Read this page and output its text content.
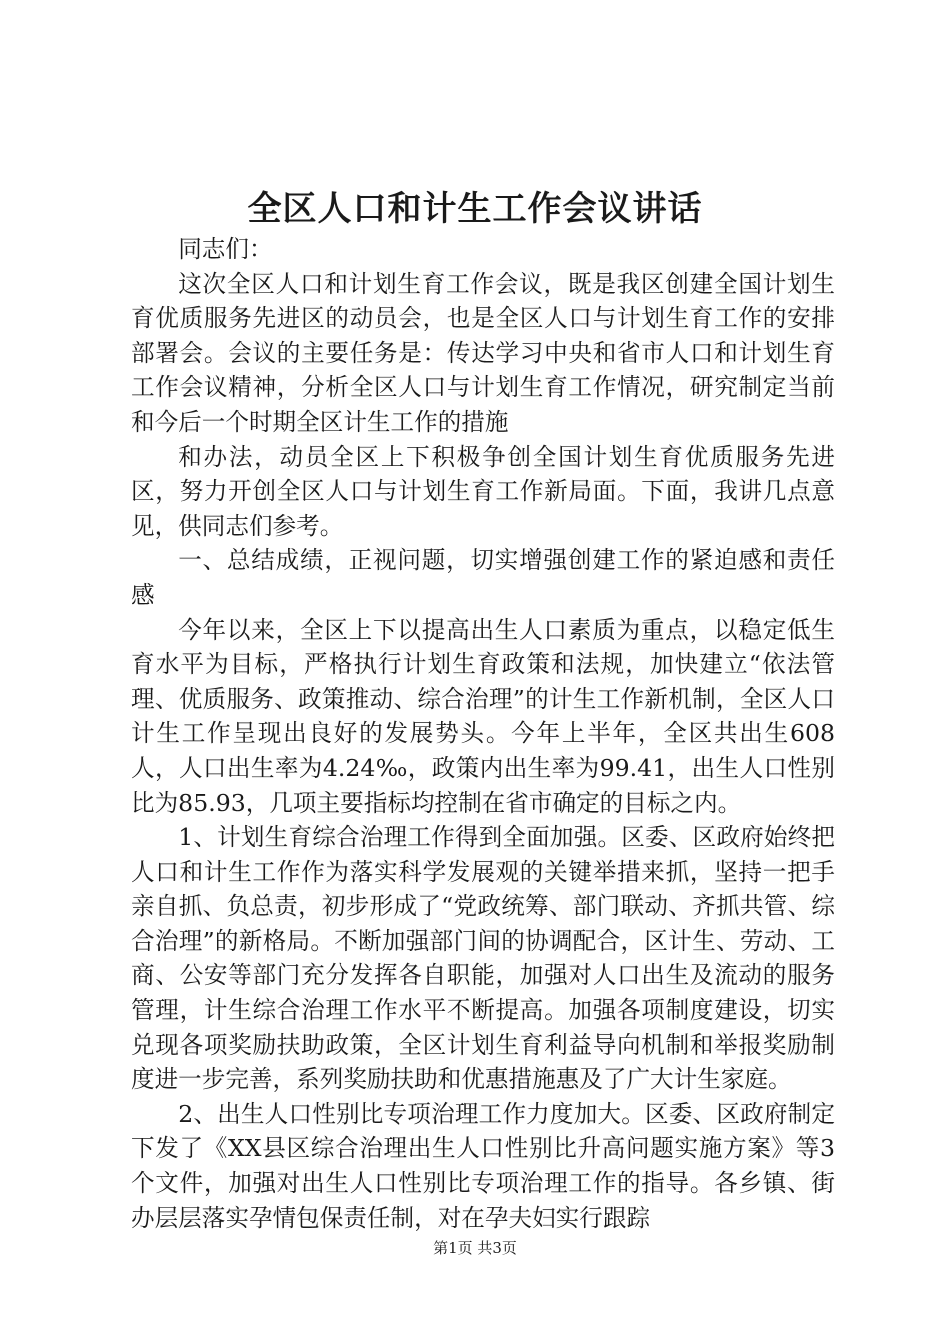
全区人口和计生工作会议讲话

同志们：

这次全区人口和计划生育工作会议，既是我区创建全国计划生育优质服务先进区的动员会，也是全区人口与计划生育工作的安排部署会。会议的主要任务是：传达学习中央和省市人口和计划生育工作会议精神，分析全区人口与计划生育工作情况，研究制定当前和今后一个时期全区计生工作的措施

和办法，动员全区上下积极争创全国计划生育优质服务先进区，努力开创全区人口与计划生育工作新局面。下面，我讲几点意见，供同志们参考。

一、总结成绩，正视问题，切实增强创建工作的紧迫感和责任感

今年以来，全区上下以提高出生人口素质为重点，以稳定低生育水平为目标，严格执行计划生育政策和法规，加快建立“依法管理、优质服务、政策推动、综合治理”的计生工作新机制，全区人口计生工作呈现出良好的发展势头。今年上半年，全区共出生608人，人口出生率为4.24‰，政策内出生率为99.41，出生人口性别比为85.93，几项主要指标均控制在省市确定的目标之内。

1、计划生育综合治理工作得到全面加强。区委、区政府始终把人口和计生工作作为落实科学发展观的关键举措来抓，坚持一把手亲自抓、负总责，初步形成了“党政统筹、部门联动、齐抓共管、综合治理”的新格局。不断加强部门间的协调配合，区计生、劳动、工商、公安等部门充分发挥各自职能，加强对人口出生及流动的服务管理，计生综合治理工作水平不断提高。加强各项制度建设，切实兑现各项奖励扶助政策，全区计划生育利益导向机制和举报奖励制度进一步完善，系列奖励扶助和优惠措施惠及了广大计生家庭。

2、出生人口性别比专项治理工作力度加大。区委、区政府制定下发了《XX县区综合治理出生人口性别比升高问题实施方案》等3个文件，加强对出生人口性别比专项治理工作的指导。各乡镇、街办层层落实孕情包保责任制，对在孕夫妇实行跟踪

第1页 共3页
